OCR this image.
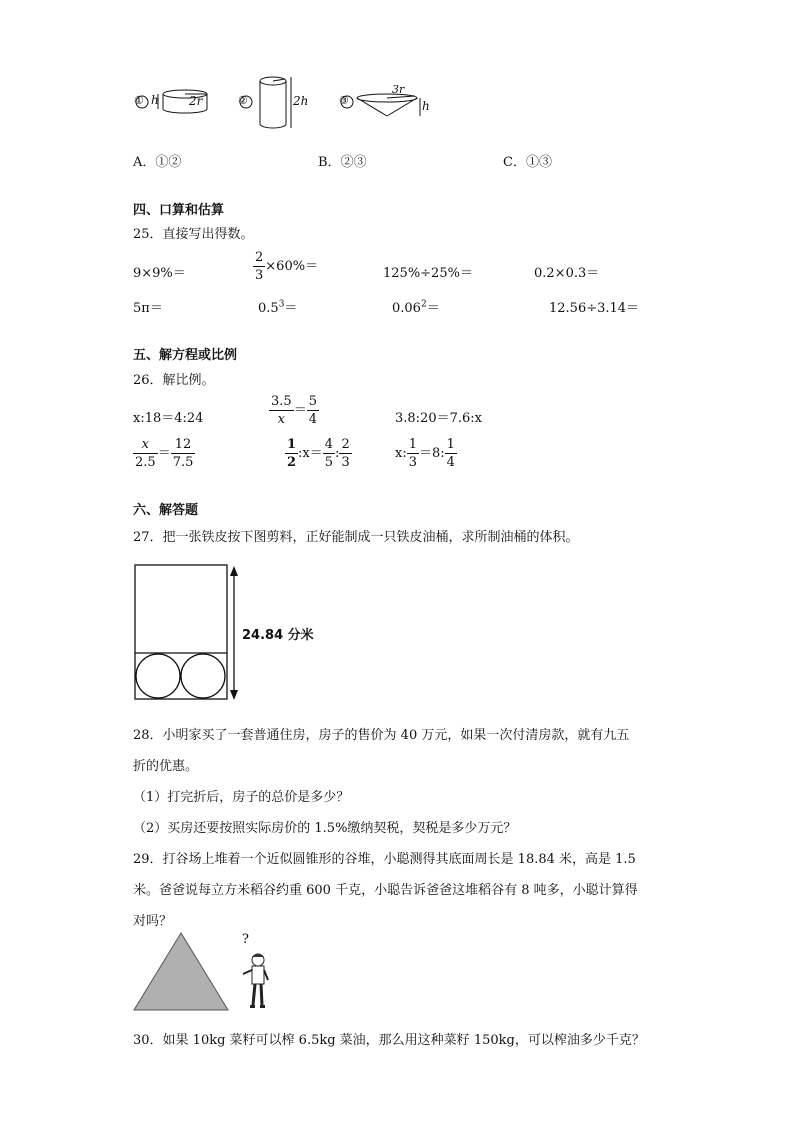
① h	2r	②	2h	③
3r
h
A．①②	B．②③	C．①③
四、口算和估算
25．直接写出得数。
9×9%＝	$\frac{2}{3} \times 60\%=$	125%÷25%＝	0.2×0.3＝
5π＝	$0.5^3=$	$0.06^2=$	12.56÷3.14＝
五、解方程或比例
26．解比例。
x:18＝4:24	$\frac{3.5}{x} = \frac{5}{4}$	3.8:20＝7.6:x
$\frac{x}{2.5} = \frac{12}{7.5}$	$\frac{1}{2}$ :x＝ $\frac{4}{5}$ : $\frac{2}{3}$	x: $\frac{1}{3} =8$: $\frac{1}{4}$
六、解答题
27．把一张铁皮按下图剪料，正好能制成一只铁皮油桶，求所制油桶的体积。
24.84 分米
28．小明家买了一套普通住房，房子的售价为 40 万元，如果一次付清房款，就有九五
折的优惠。
（1）打完折后，房子的总价是多少？
（2）买房还要按照实际房价的 1.5%缴纳契税，契税是多少万元？
29．打谷场上堆着一个近似圆锥形的谷堆，小聪测得其底面周长是 18.84 米，高是 1.5
米。爸爸说每立方米稻谷约重 600 千克，小聪告诉爸爸这堆稻谷有 8 吨多，小聪计算得
对吗？
?
30．如果 10kg 菜籽可以榨 6.5kg 菜油，那么用这种菜籽 150kg，可以榨油多少千克？
